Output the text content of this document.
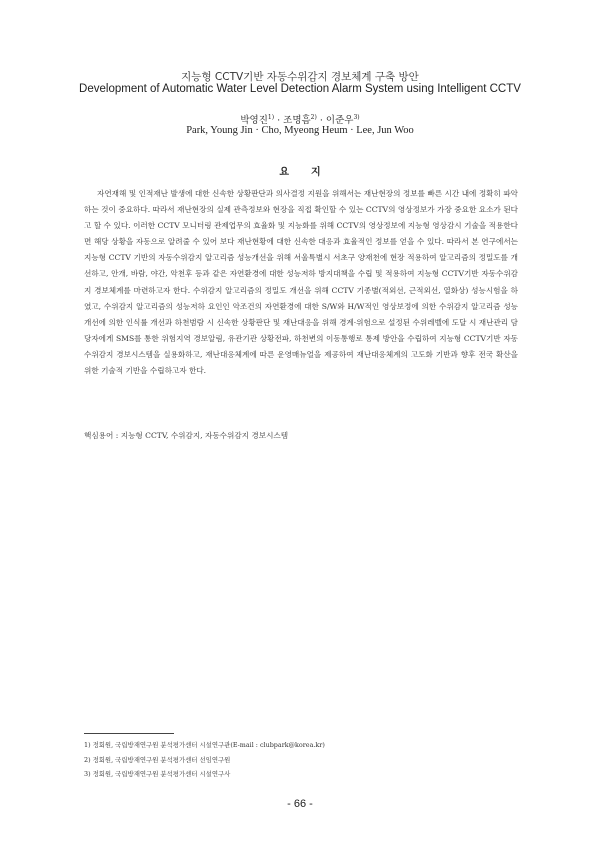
지능형 CCTV기반 자동수위감지 경보체계 구축 방안
Development of Automatic Water Level Detection Alarm System using Intelligent CCTV
박영진$^{1)}$ · 조명흠$^{2)}$ · 이준우$^{3)}$
Park, Young Jin · Cho, Myeong Heum · Lee, Jun Woo
요지

자연재해 및 인적재난 발생에 대한 신속한 상황판단과 의사결정 지원을 위해서는 재난현장의 정보를 빠른 시간 내에 정확히 파악하는 것이 중요하다. 따라서 재난현장의 실제 관측정보와 현장을 직접 확인할 수 있는 CCTV의 영상정보가 가장 중요한 요소가 된다고 할 수 있다. 이러한 CCTV 모니터링 관제업무의 효율화 및 지능화를 위해 CCTV의 영상정보에 지능형 영상감시 기술을 적용한다면 해당 상황을 자동으로 알려줄 수 있어 보다 재난현황에 대한 신속한 대응과 효율적인 정보를 얻을 수 있다. 따라서 본 연구에서는 지능형 CCTV 기반의 자동수위감지 알고리즘 성능개선을 위해 서울특별시 서초구 양재천에 현장 적용하여 알고리즘의 정밀도를 개선하고, 안개, 바람, 야간, 악천후 등과 같은 자연환경에 대한 성능저하 방지대책을 수립 및 적용하여 지능형 CCTV기반 자동수위감지 경보체계를 마련하고자 한다. 수위감지 알고리즘의 정밀도 개선을 위해 CCTV 기종별(적외선, 근적외선, 열화상) 성능시험을 하였고, 수위감지 알고리즘의 성능저하 요인인 악조건의 자연환경에 대한 S/W와 H/W적인 영상보정에 의한 수위감지 알고리즘 성능개선에 의한 인식률 개선과 하천범람 시 신속한 상황판단 및 재난대응을 위해 경계·위험으로 설정된 수위레벨에 도달 시 재난관리 담당자에게 SMS를 통한 위험지역 경보알림, 유관기관 상황전파, 하천변의 이동통행로 통제 방안을 수립하여 지능형 CCTV기반 자동수위감지 경보시스템을 실용화하고, 재난대응체계에 따른 운영매뉴얼을 제공하여 재난대응체계의 고도화 기반과 향후 전국 확산을 위한 기술적 기반을 수립하고자 한다.

핵심용어 : 지능형 CCTV, 수위감지, 자동수위감지 경보시스템
1) 정회원, 국립방재연구원 분석평가센터 시설연구관(E-mail : clubpark@korea.kr)
2) 정회원, 국립방재연구원 분석평가센터 선임연구원
3) 정회원, 국립방재연구원 분석평가센터 시설연구사
- 66 -
